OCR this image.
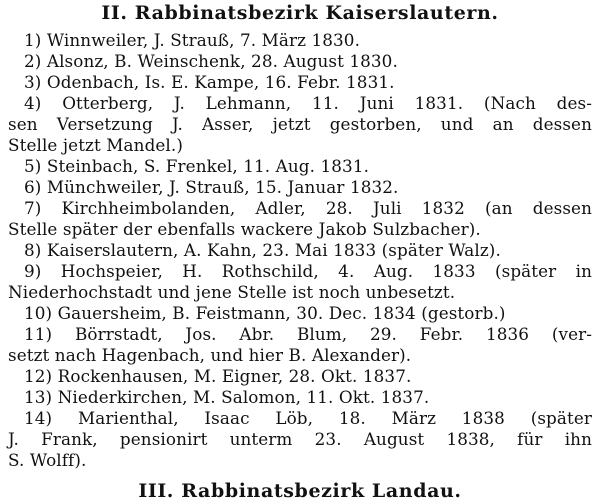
II. Rabbinatsbezirk Kaiserslautern.
1) Winnweiler, J. Strauß, 7. März 1830.
2) Alsonz, B. Weinschenk, 28. August 1830.
3) Odenbach, Is. E. Kampe, 16. Febr. 1831.
4) Otterberg, J. Lehmann, 11. Juni 1831. (Nach des-
sen Versetzung J. Asser, jetzt gestorben, und an dessen
Stelle jetzt Mandel.)
5) Steinbach, S. Frenkel, 11. Aug. 1831.
6) Münchweiler, J. Strauß, 15. Januar 1832.
7) Kirchheimbolanden, Adler, 28. Juli 1832 (an dessen
Stelle später der ebenfalls wackere Jakob Sulzbacher).
8) Kaiserslautern, A. Kahn, 23. Mai 1833 (später Walz).
9) Hochspeier, H. Rothschild, 4. Aug. 1833 (später in
Niederhochstadt und jene Stelle ist noch unbesetzt.
10) Gauersheim, B. Feistmann, 30. Dec. 1834 (gestorb.)
11) Börrstadt, Jos. Abr. Blum, 29. Febr. 1836 (ver-
setzt nach Hagenbach, und hier B. Alexander).
12) Rockenhausen, M. Eigner, 28. Okt. 1837.
13) Niederkirchen, M. Salomon, 11. Okt. 1837.
14) Marienthal, Isaac Löb, 18. März 1838 (später
J. Frank, pensionirt unterm 23. August 1838, für ihn
S. Wolff).
III. Rabbinatsbezirk Landau.
